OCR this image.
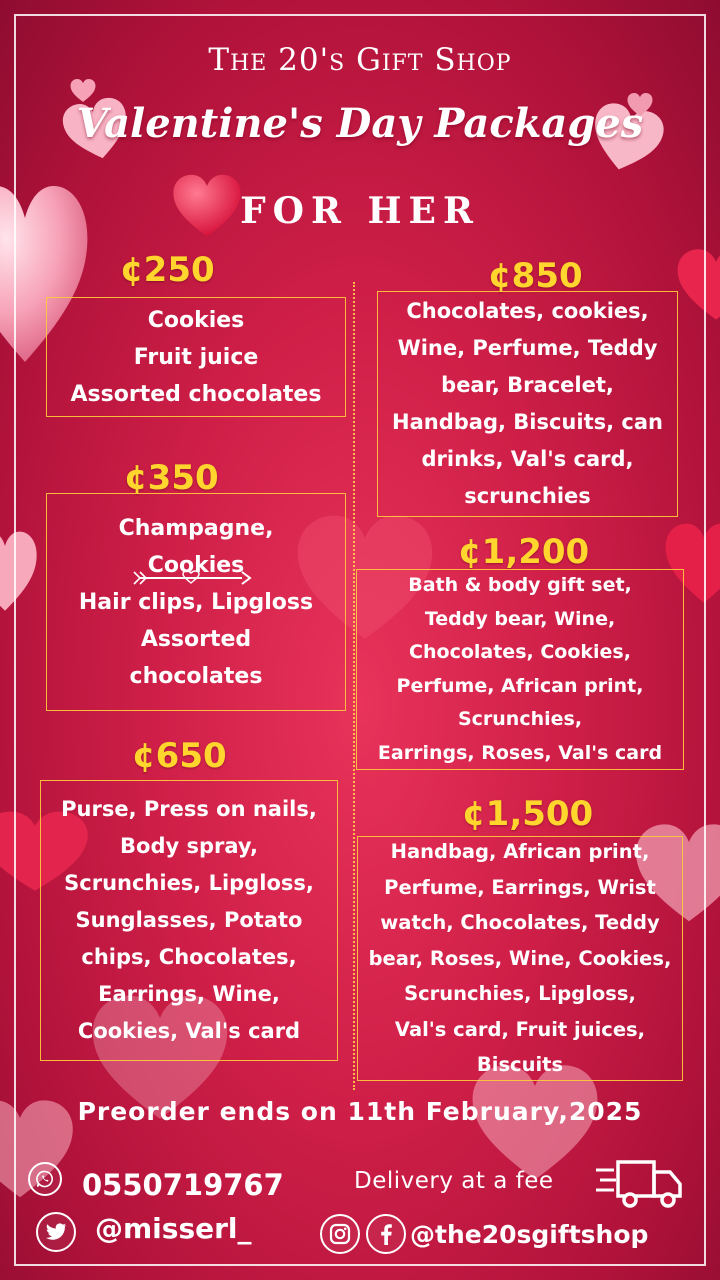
The 20's Gift Shop
Valentine's Day Packages
FOR HER
¢250
Cookies
Fruit juice
Assorted chocolates
¢350
Champagne,
Cookies
Hair clips, Lipgloss
Assorted
chocolates
¢650
Purse, Press on nails,
Body spray,
Scrunchies, Lipgloss,
Sunglasses, Potato
chips, Chocolates,
Earrings, Wine,
Cookies, Val's card
¢850
Chocolates, cookies,
Wine, Perfume, Teddy
bear, Bracelet,
Handbag, Biscuits, can
drinks, Val's card,
scrunchies
¢1,200
Bath & body gift set,
Teddy bear, Wine,
Chocolates, Cookies,
Perfume, African print,
Scrunchies,
Earrings, Roses, Val's card
¢1,500
Handbag, African print,
Perfume, Earrings, Wrist
watch, Chocolates, Teddy
bear, Roses, Wine, Cookies,
Scrunchies, Lipgloss,
Val's card, Fruit juices,
Biscuits
Preorder ends on 11th February,2025
0550719767
@misserl_
Delivery at a fee
@the20sgiftshop
